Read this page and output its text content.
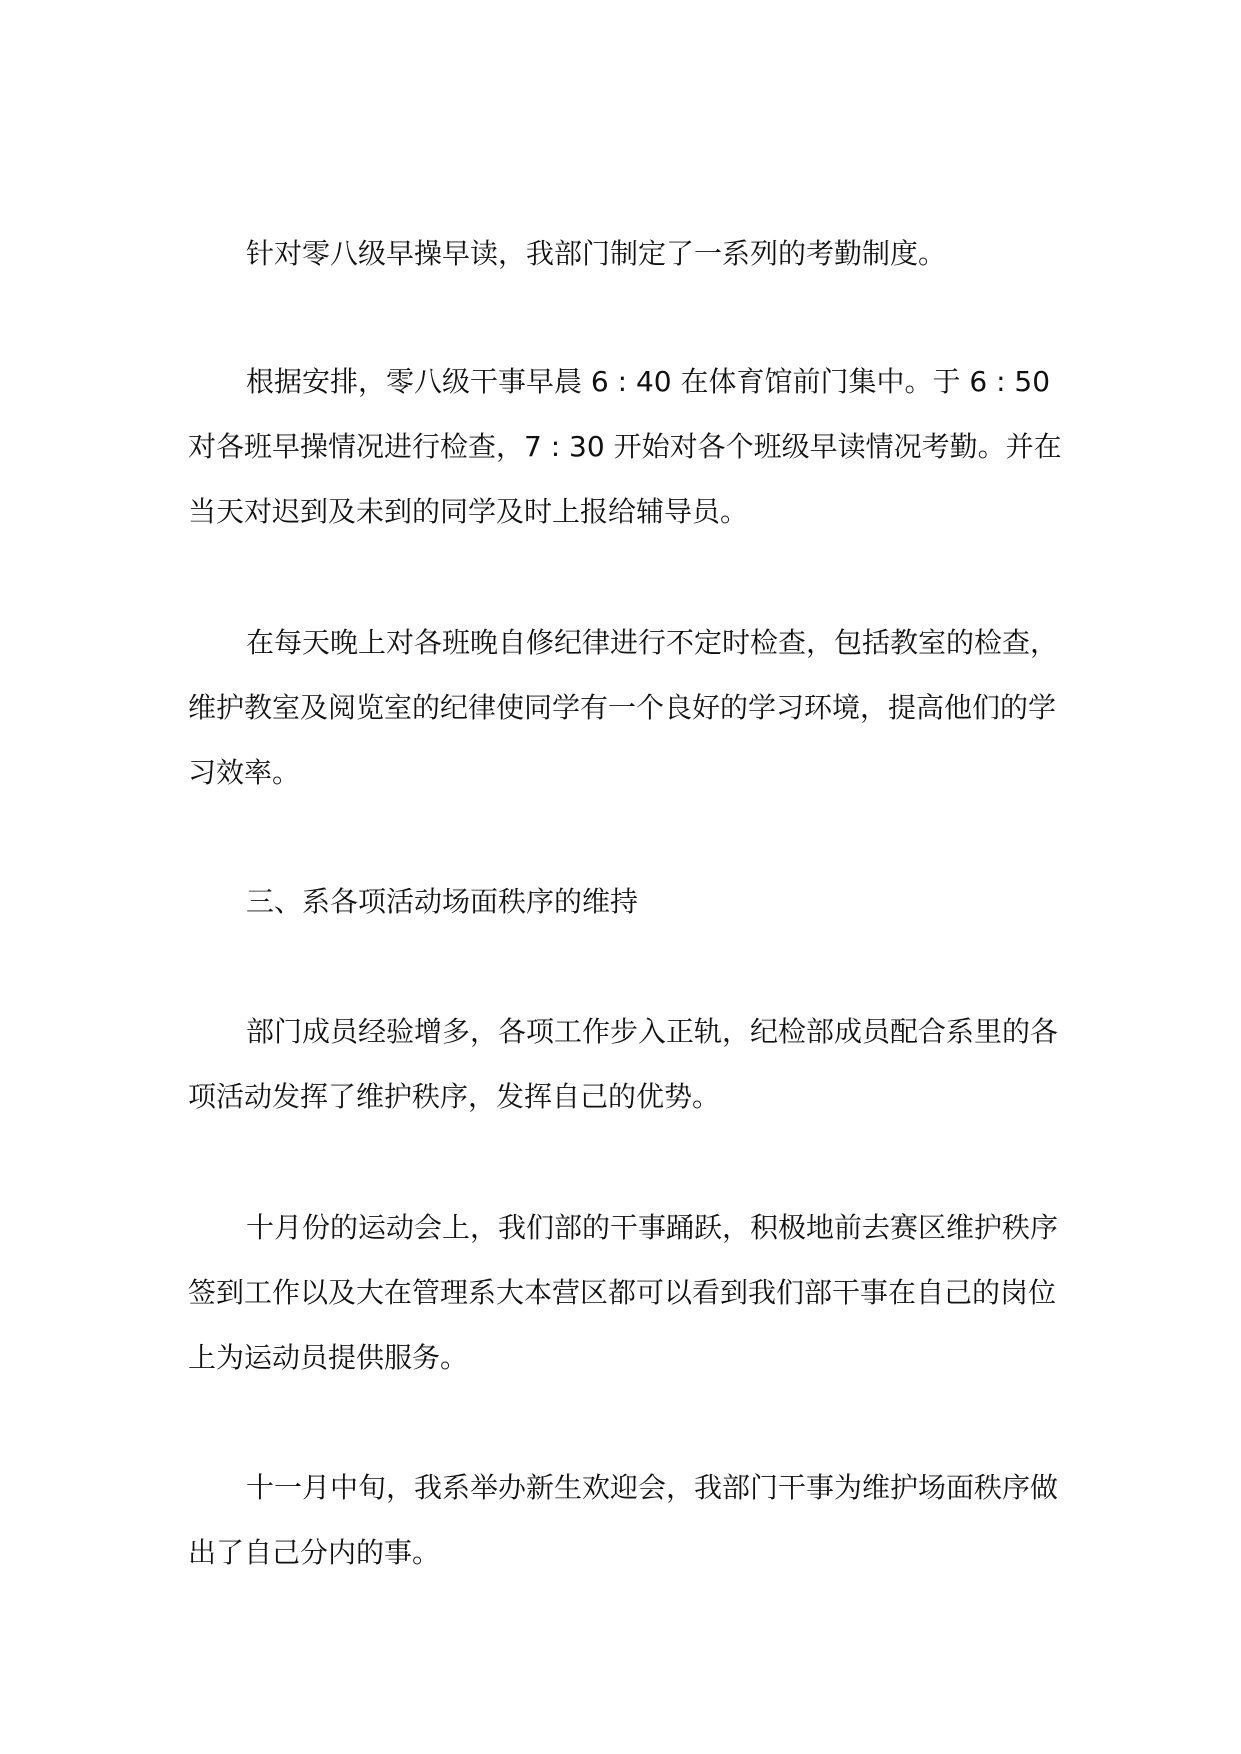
针对零八级早操早读，我部门制定了一系列的考勤制度。

根据安排，零八级干事早晨 6 : 40 在体育馆前门集中。于 6 : 50 对各班早操情况进行检查，7 : 30 开始对各个班级早读情况考勤。并在当天对迟到及未到的同学及时上报给辅导员。

在每天晚上对各班晚自修纪律进行不定时检查，包括教室的检查，维护教室及阅览室的纪律使同学有一个良好的学习环境，提高他们的学习效率。

三、系各项活动场面秩序的维持

部门成员经验增多，各项工作步入正轨，纪检部成员配合系里的各项活动发挥了维护秩序，发挥自己的优势。

十月份的运动会上，我们部的干事踊跃，积极地前去赛区维护秩序签到工作以及大在管理系大本营区都可以看到我们部干事在自己的岗位上为运动员提供服务。

十一月中旬，我系举办新生欢迎会，我部门干事为维护场面秩序做出了自己分内的事。
